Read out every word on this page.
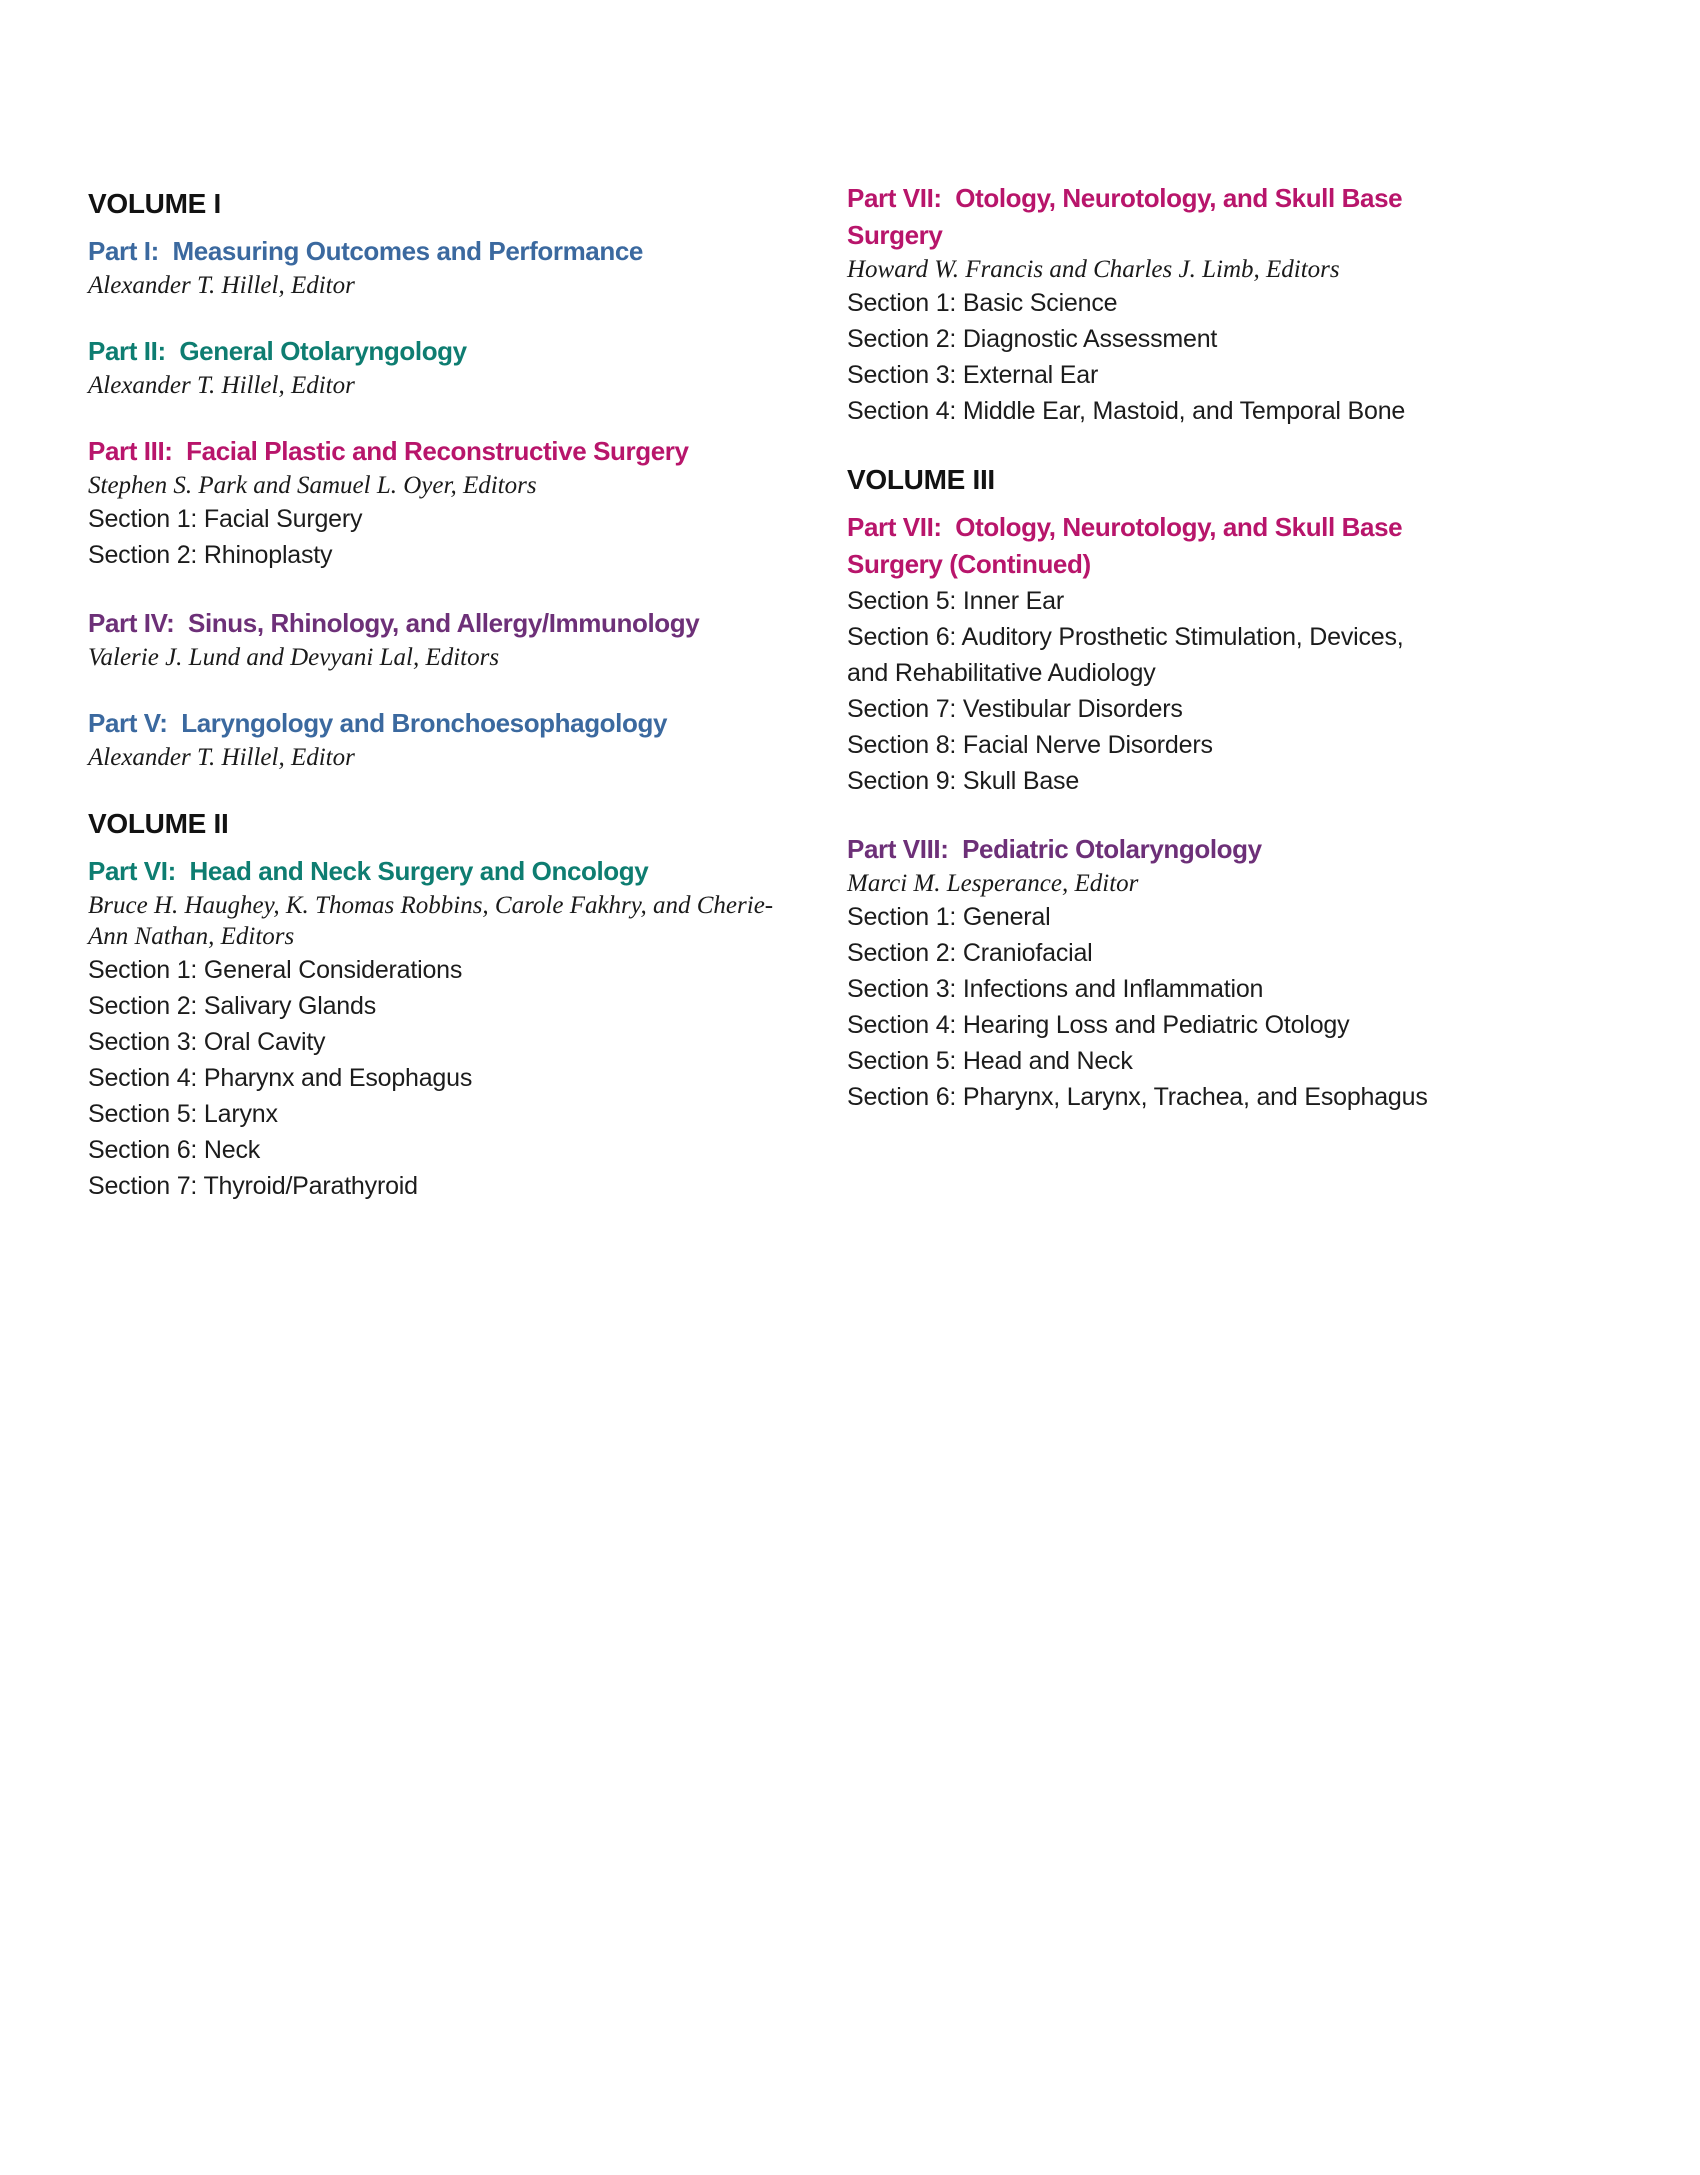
VOLUME I
Part I:  Measuring Outcomes and Performance
Alexander T. Hillel, Editor
Part II:  General Otolaryngology
Alexander T. Hillel, Editor
Part III:  Facial Plastic and Reconstructive Surgery
Stephen S. Park and Samuel L. Oyer, Editors
Section 1: Facial Surgery
Section 2: Rhinoplasty
Part IV:  Sinus, Rhinology, and Allergy/Immunology
Valerie J. Lund and Devyani Lal, Editors
Part V:  Laryngology and Bronchoesophagology
Alexander T. Hillel, Editor
VOLUME II
Part VI:  Head and Neck Surgery and Oncology
Bruce H. Haughey, K. Thomas Robbins, Carole Fakhry, and Cherie-
Ann Nathan, Editors
Section 1: General Considerations
Section 2: Salivary Glands
Section 3: Oral Cavity
Section 4: Pharynx and Esophagus
Section 5: Larynx
Section 6: Neck
Section 7: Thyroid/Parathyroid
Part VII:  Otology, Neurotology, and Skull Base
Surgery
Howard W. Francis and Charles J. Limb, Editors
Section 1: Basic Science
Section 2: Diagnostic Assessment
Section 3: External Ear
Section 4: Middle Ear, Mastoid, and Temporal Bone
VOLUME III
Part VII:  Otology, Neurotology, and Skull Base
Surgery (Continued)
Section 5: Inner Ear
Section 6: Auditory Prosthetic Stimulation, Devices,
and Rehabilitative Audiology
Section 7: Vestibular Disorders
Section 8: Facial Nerve Disorders
Section 9: Skull Base
Part VIII:  Pediatric Otolaryngology
Marci M. Lesperance, Editor
Section 1: General
Section 2: Craniofacial
Section 3: Infections and Inflammation
Section 4: Hearing Loss and Pediatric Otology
Section 5: Head and Neck
Section 6: Pharynx, Larynx, Trachea, and Esophagus
